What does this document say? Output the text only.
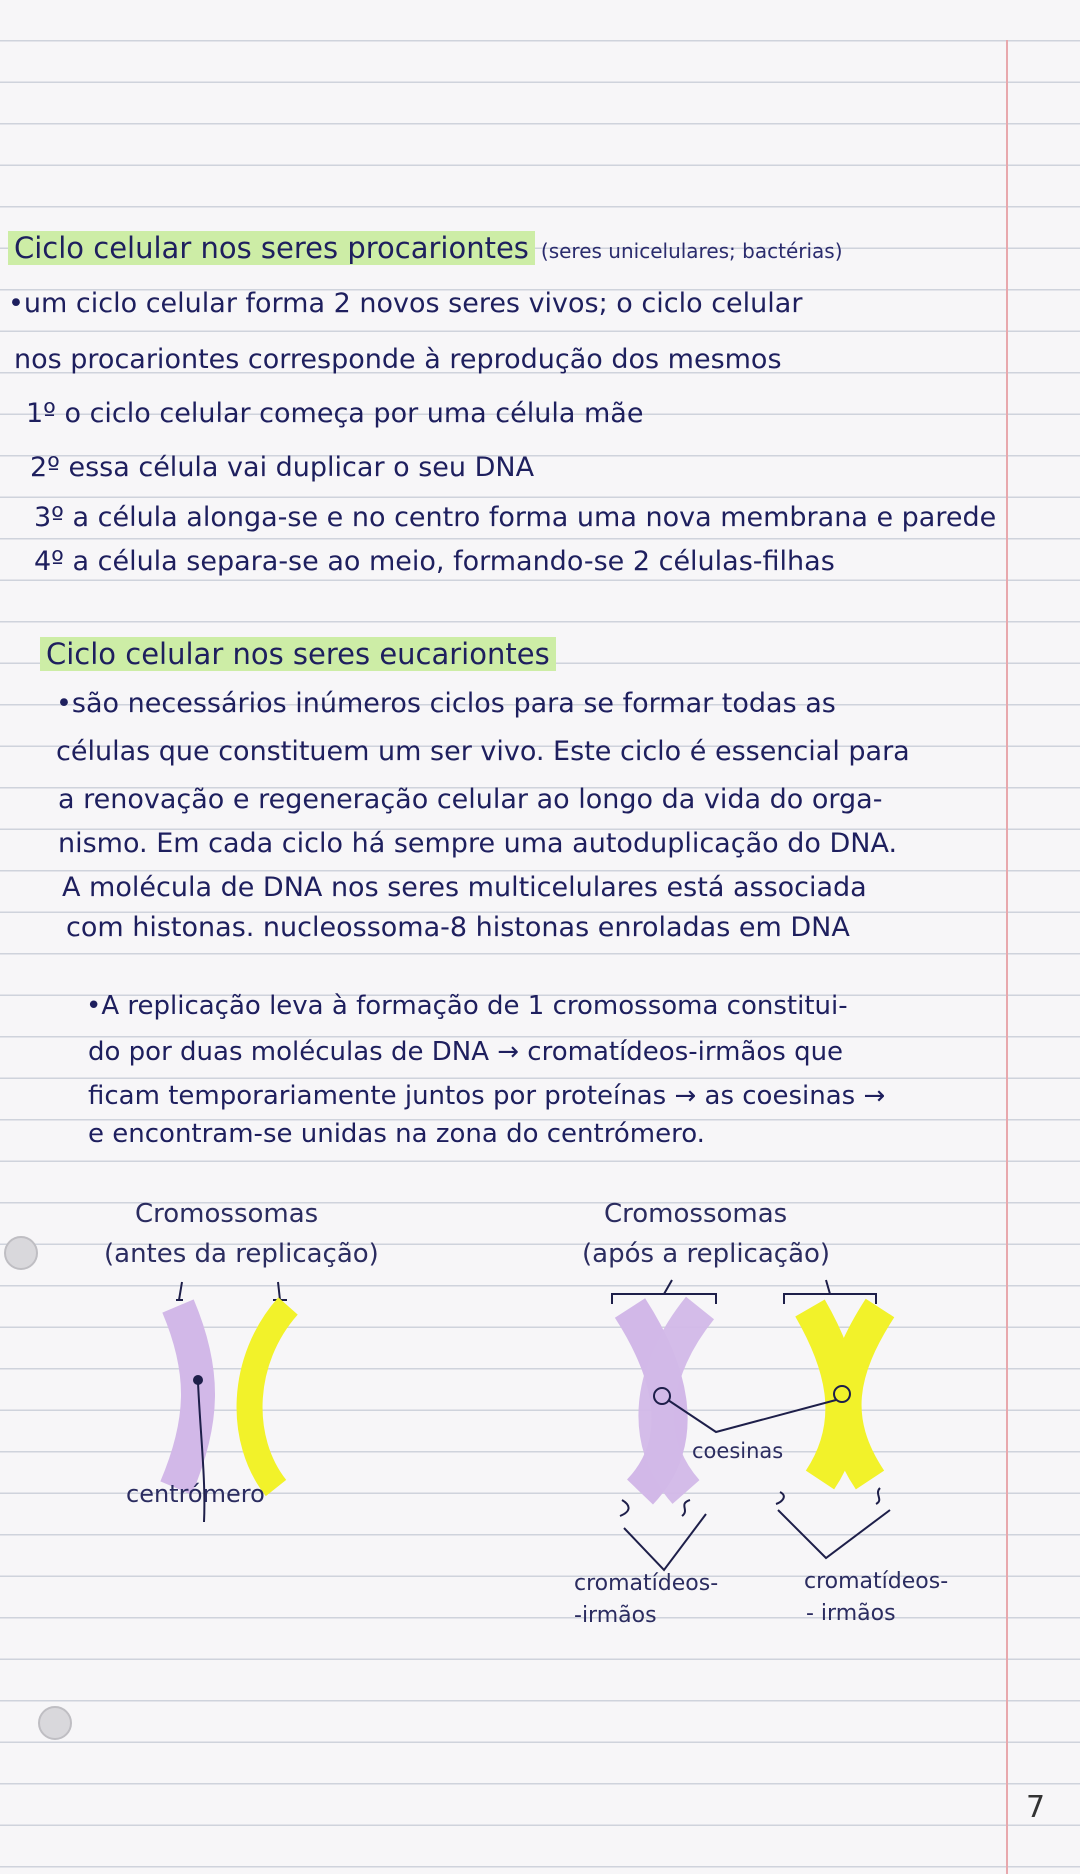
Ciclo celular nos seres procariontes (seres unicelulares; bactérias)
•um ciclo celular forma 2 novos seres vivos; o ciclo celular
nos procariontes corresponde à reprodução dos mesmos
1º o ciclo celular começa por uma célula mãe
2º essa célula vai duplicar o seu DNA
3º a célula alonga-se e no centro forma uma nova membrana e parede
4º a célula separa-se ao meio, formando-se 2 células-filhas
Ciclo celular nos seres eucariontes
•são necessários inúmeros ciclos para se formar todas as
células que constituem um ser vivo. Este ciclo é essencial para
a renovação e regeneração celular ao longo da vida do orga-
nismo. Em cada ciclo há sempre uma autoduplicação do DNA.
A molécula de DNA nos seres multicelulares está associada
com histonas. nucleossoma-8 histonas enroladas em DNA
•A replicação leva à formação de 1 cromossoma constitui-
do por duas moléculas de DNA → cromatídeos-irmãos que
ficam temporariamente juntos por proteínas → as coesinas →
e encontram-se unidas na zona do centrómero.
Cromossomas
(antes da replicação)
centrómero
Cromossomas
(após a replicação)
coesinas
cromatídeos-
-irmãos
cromatídeos-
- irmãos
7
